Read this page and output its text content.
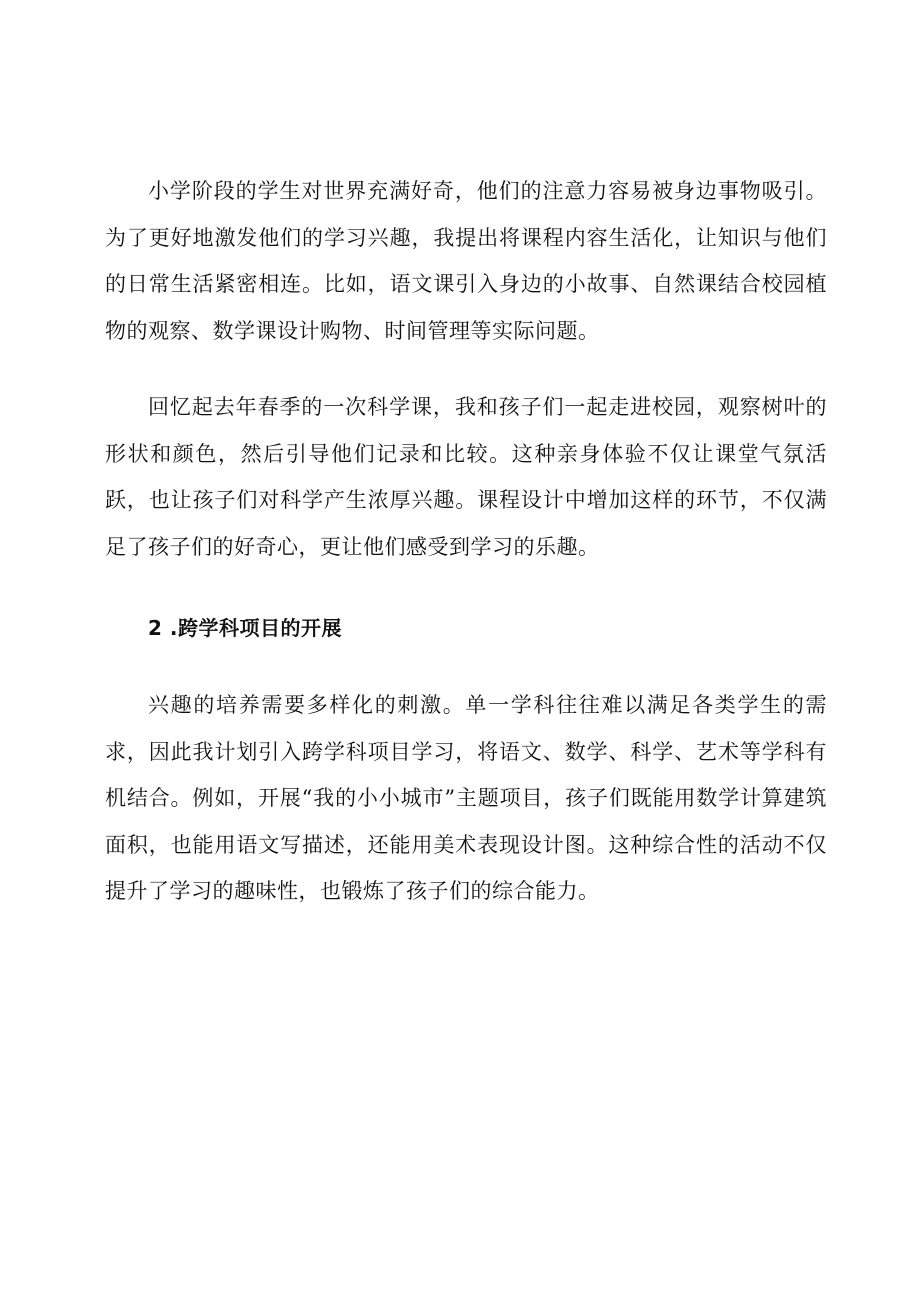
小学阶段的学生对世界充满好奇，他们的注意力容易被身边事物吸引。为了更好地激发他们的学习兴趣，我提出将课程内容生活化，让知识与他们的日常生活紧密相连。比如，语文课引入身边的小故事、自然课结合校园植物的观察、数学课设计购物、时间管理等实际问题。

回忆起去年春季的一次科学课，我和孩子们一起走进校园，观察树叶的形状和颜色，然后引导他们记录和比较。这种亲身体验不仅让课堂气氛活跃，也让孩子们对科学产生浓厚兴趣。课程设计中增加这样的环节，不仅满足了孩子们的好奇心，更让他们感受到学习的乐趣。

2 .跨学科项目的开展

兴趣的培养需要多样化的刺激。单一学科往往难以满足各类学生的需求，因此我计划引入跨学科项目学习，将语文、数学、科学、艺术等学科有机结合。例如，开展“我的小小城市”主题项目，孩子们既能用数学计算建筑面积，也能用语文写描述，还能用美术表现设计图。这种综合性的活动不仅提升了学习的趣味性，也锻炼了孩子们的综合能力。
